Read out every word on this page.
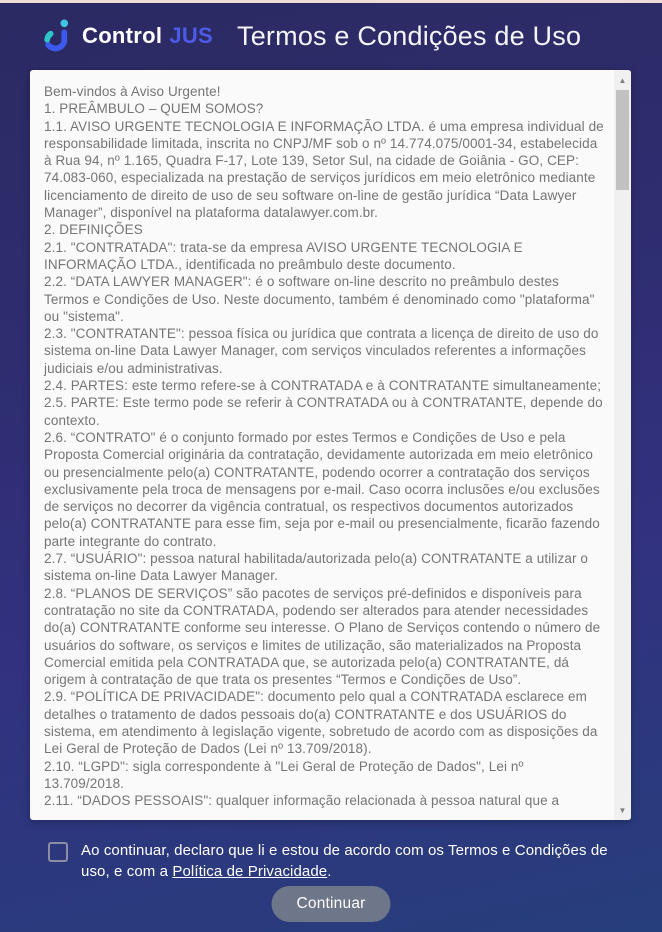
Control JUS Termos e Condições de Uso

Bem-vindos à Aviso Urgente!

1. PREÂMBULO – QUEM SOMOS?

1.1. AVISO URGENTE TECNOLOGIA E INFORMAÇÃO LTDA. é uma empresa individual de responsabilidade limitada, inscrita no CNPJ/MF sob o nº 14.774.075/0001-34, estabelecida à Rua 94, nº 1.165, Quadra F-17, Lote 139, Setor Sul, na cidade de Goiânia - GO, CEP: 74.083-060, especializada na prestação de serviços jurídicos em meio eletrônico mediante licenciamento de direito de uso de seu software on-line de gestão jurídica “Data Lawyer Manager”, disponível na plataforma datalawyer.com.br.

2. DEFINIÇÕES

2.1. "CONTRATADA": trata-se da empresa AVISO URGENTE TECNOLOGIA E INFORMAÇÃO LTDA., identificada no preâmbulo deste documento.

2.2. “DATA LAWYER MANAGER": é o software on-line descrito no preâmbulo destes Termos e Condições de Uso. Neste documento, também é denominado como "plataforma" ou "sistema".

2.3. "CONTRATANTE": pessoa física ou jurídica que contrata a licença de direito de uso do sistema on-line Data Lawyer Manager, com serviços vinculados referentes a informações judiciais e/ou administrativas.

2.4. PARTES: este termo refere-se à CONTRATADA e à CONTRATANTE simultaneamente;

2.5. PARTE: Este termo pode se referir à CONTRATADA ou à CONTRATANTE, depende do contexto.

2.6. “CONTRATO" é o conjunto formado por estes Termos e Condições de Uso e pela Proposta Comercial originária da contratação, devidamente autorizada em meio eletrônico ou presencialmente pelo(a) CONTRATANTE, podendo ocorrer a contratação dos serviços exclusivamente pela troca de mensagens por e-mail. Caso ocorra inclusões e/ou exclusões de serviços no decorrer da vigência contratual, os respectivos documentos autorizados pelo(a) CONTRATANTE para esse fim, seja por e-mail ou presencialmente, ficarão fazendo parte integrante do contrato.

2.7. “USUÁRIO": pessoa natural habilitada/autorizada pelo(a) CONTRATANTE a utilizar o sistema on-line Data Lawyer Manager.

2.8. “PLANOS DE SERVIÇOS” são pacotes de serviços pré-definidos e disponíveis para contratação no site da CONTRATADA, podendo ser alterados para atender necessidades do(a) CONTRATANTE conforme seu interesse. O Plano de Serviços contendo o número de usuários do software, os serviços e limites de utilização, são materializados na Proposta Comercial emitida pela CONTRATADA que, se autorizada pelo(a) CONTRATANTE, dá origem à contratação de que trata os presentes “Termos e Condições de Uso”.

2.9. “POLÍTICA DE PRIVACIDADE": documento pelo qual a CONTRATADA esclarece em detalhes o tratamento de dados pessoais do(a) CONTRATANTE e dos USUÁRIOS do sistema, em atendimento à legislação vigente, sobretudo de acordo com as disposições da Lei Geral de Proteção de Dados (Lei nº 13.709/2018).

2.10. “LGPD": sigla correspondente à "Lei Geral de Proteção de Dados", Lei nº 13.709/2018.

2.11. “DADOS PESSOAIS": qualquer informação relacionada à pessoa natural que a

▲
▼
Ao continuar, declaro que li e estou de acordo com os Termos e Condições de uso, e com a Política de Privacidade.
Continuar
